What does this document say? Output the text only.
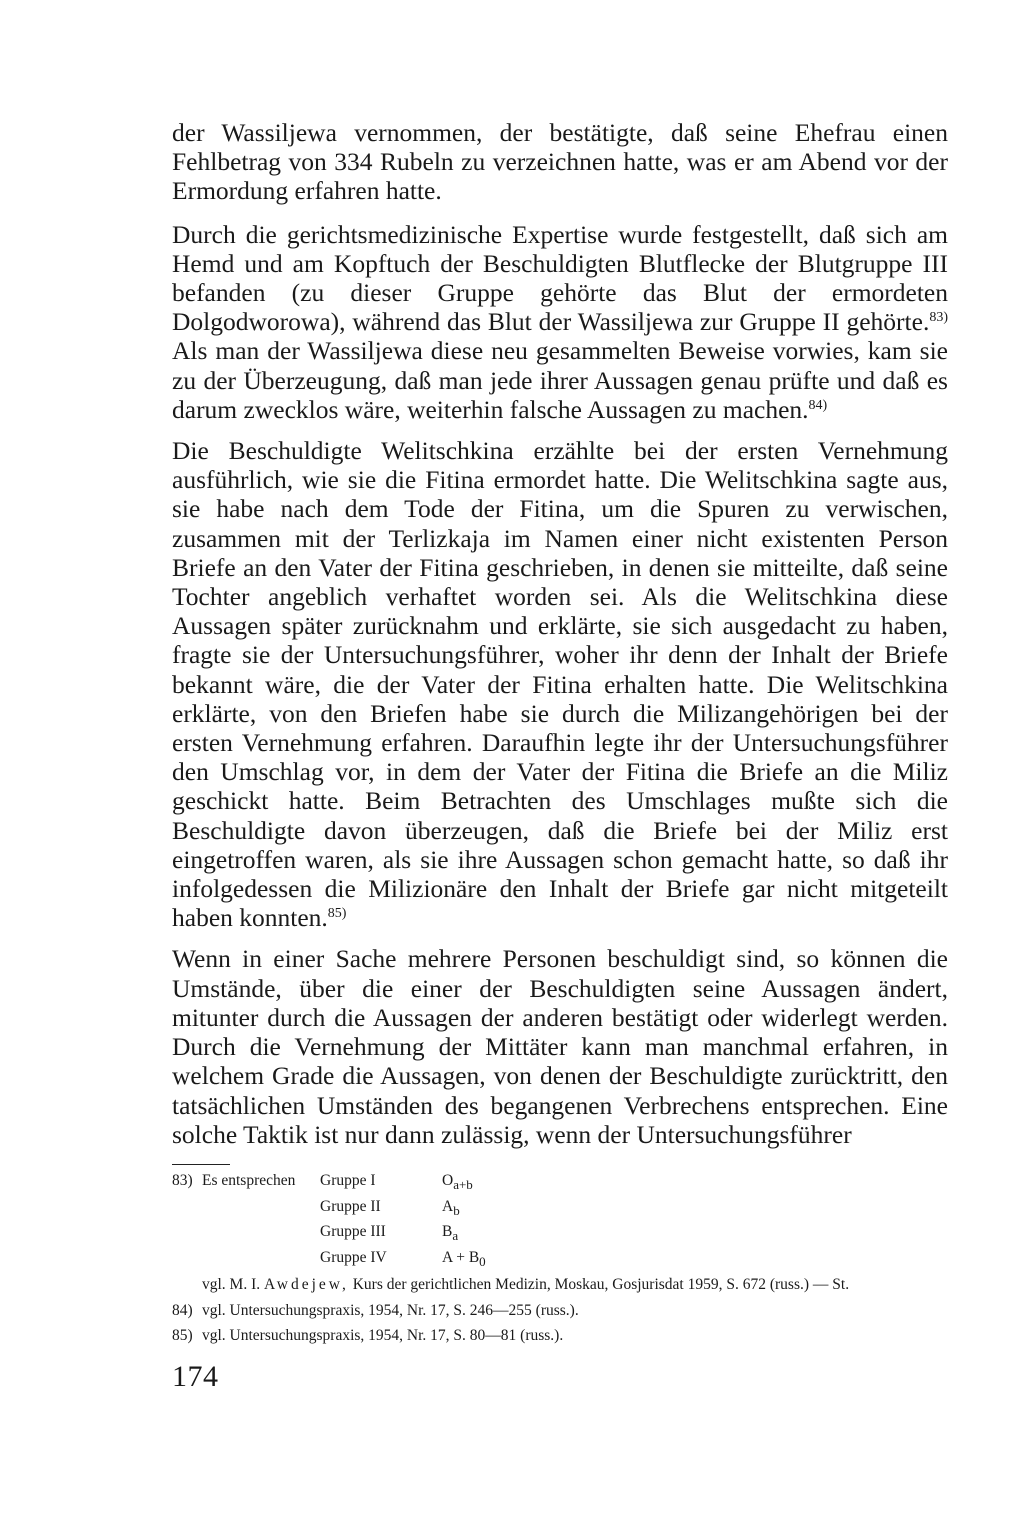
der Wassiljewa vernommen, der bestätigte, daß seine Ehefrau einen Fehlbetrag von 334 Rubeln zu verzeichnen hatte, was er am Abend vor der Ermordung erfahren hatte.

Durch die gerichtsmedizinische Expertise wurde festgestellt, daß sich am Hemd und am Kopftuch der Beschuldigten Blutflecke der Blutgruppe III befanden (zu dieser Gruppe gehörte das Blut der ermordeten Dolgodworowa), während das Blut der Wassiljewa zur Gruppe II gehörte.$^{83)}$ Als man der Wassiljewa diese neu gesammelten Beweise vorwies, kam sie zu der Überzeugung, daß man jede ihrer Aussagen genau prüfte und daß es darum zwecklos wäre, weiterhin falsche Aussagen zu machen.$^{84)}$

Die Beschuldigte Welitschkina erzählte bei der ersten Vernehmung ausführlich, wie sie die Fitina ermordet hatte. Die Welitschkina sagte aus, sie habe nach dem Tode der Fitina, um die Spuren zu verwischen, zusammen mit der Terlizkaja im Namen einer nicht existenten Person Briefe an den Vater der Fitina geschrieben, in denen sie mitteilte, daß seine Tochter angeblich verhaftet worden sei. Als die Welitschkina diese Aussagen später zurücknahm und erklärte, sie sich ausgedacht zu haben, fragte sie der Untersuchungsführer, woher ihr denn der Inhalt der Briefe bekannt wäre, die der Vater der Fitina erhalten hatte. Die Welitschkina erklärte, von den Briefen habe sie durch die Milizangehörigen bei der ersten Vernehmung erfahren. Daraufhin legte ihr der Untersuchungsführer den Umschlag vor, in dem der Vater der Fitina die Briefe an die Miliz geschickt hatte. Beim Betrachten des Umschlages mußte sich die Beschuldigte davon überzeugen, daß die Briefe bei der Miliz erst eingetroffen waren, als sie ihre Aussagen schon gemacht hatte, so daß ihr infolgedessen die Milizionäre den Inhalt der Briefe gar nicht mitgeteilt haben konnten.$^{85)}$

Wenn in einer Sache mehrere Personen beschuldigt sind, so können die Umstände, über die einer der Beschuldigten seine Aussagen ändert, mitunter durch die Aussagen der anderen bestätigt oder widerlegt werden. Durch die Vernehmung der Mittäter kann man manchmal erfahren, in welchem Grade die Aussagen, von denen der Beschuldigte zurücktritt, den tatsächlichen Umständen des begangenen Verbrechens entsprechen. Eine solche Taktik ist nur dann zulässig, wenn der Untersuchungsführer

83) Es entsprechen	Gruppe I	$O_{a+b}$
Gruppe II	$A_b$
Gruppe III	$B_a$
Gruppe IV	$A + B_0$
vgl. M. I. Awdejew, Kurs der gerichtlichen Medizin, Moskau, Gosjurisdat 1959, S. 672 (russ.) — St.
84) vgl. Untersuchungspraxis, 1954, Nr. 17, S. 246—255 (russ.).
85) vgl. Untersuchungspraxis, 1954, Nr. 17, S. 80—81 (russ.).
174
